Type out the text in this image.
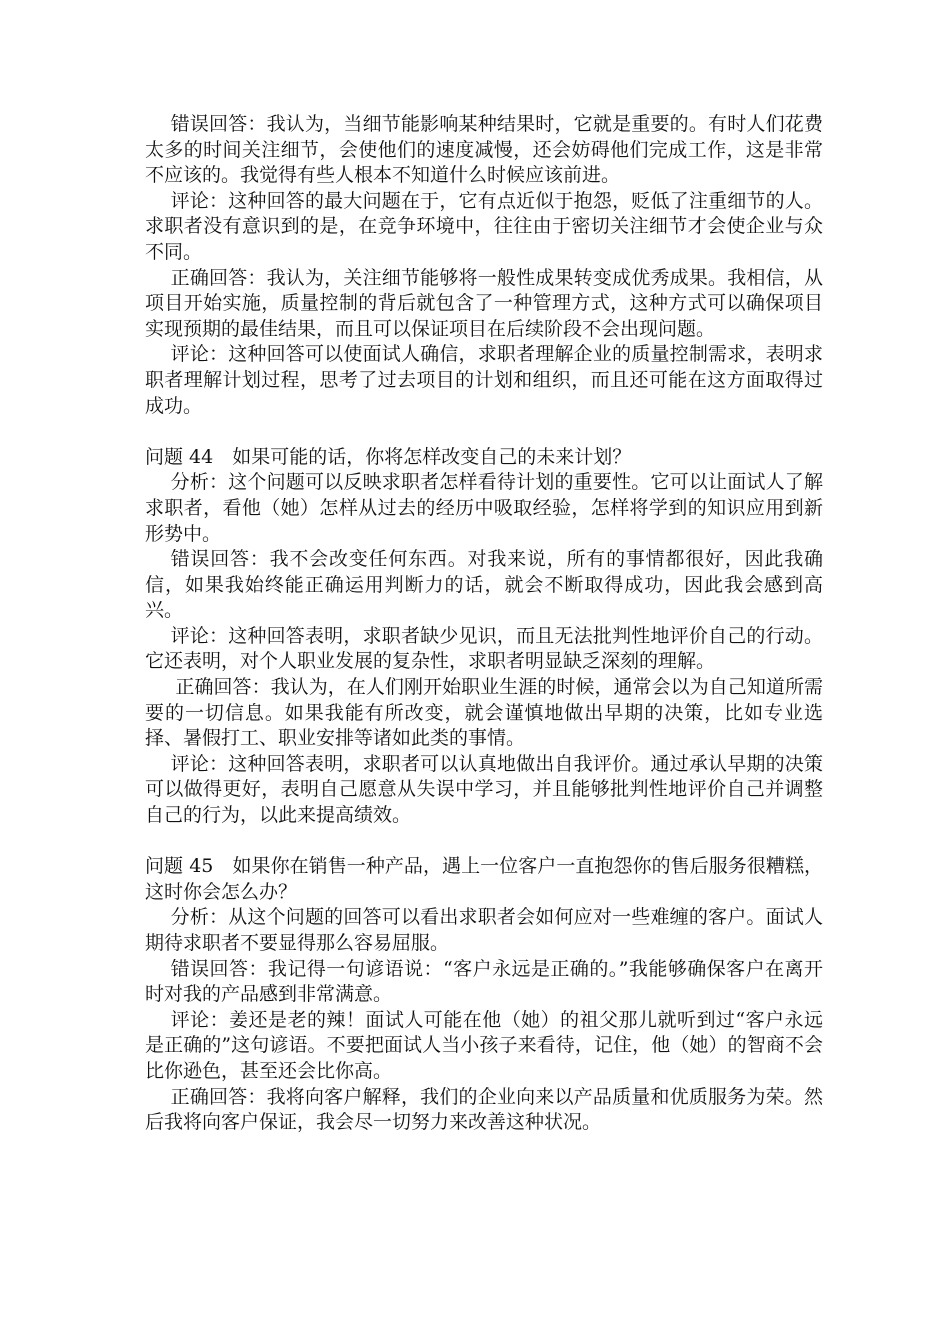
错误回答：我认为，当细节能影响某种结果时，它就是重要的。有时人们花费太多的时间关注细节，会使他们的速度减慢，还会妨碍他们完成工作，这是非常不应该的。我觉得有些人根本不知道什么时候应该前进。

评论：这种回答的最大问题在于，它有点近似于抱怨，贬低了注重细节的人。求职者没有意识到的是，在竞争环境中，往往由于密切关注细节才会使企业与众不同。

正确回答：我认为，关注细节能够将一般性成果转变成优秀成果。我相信，从项目开始实施，质量控制的背后就包含了一种管理方式，这种方式可以确保项目实现预期的最佳结果，而且可以保证项目在后续阶段不会出现问题。

评论：这种回答可以使面试人确信，求职者理解企业的质量控制需求，表明求职者理解计划过程，思考了过去项目的计划和组织，而且还可能在这方面取得过成功。

问题 44　如果可能的话，你将怎样改变自己的未来计划？

分析：这个问题可以反映求职者怎样看待计划的重要性。它可以让面试人了解求职者，看他（她）怎样从过去的经历中吸取经验，怎样将学到的知识应用到新形势中。

错误回答：我不会改变任何东西。对我来说，所有的事情都很好，因此我确信，如果我始终能正确运用判断力的话，就会不断取得成功，因此我会感到高兴。

评论：这种回答表明，求职者缺少见识，而且无法批判性地评价自己的行动。它还表明，对个人职业发展的复杂性，求职者明显缺乏深刻的理解。

正确回答：我认为，在人们刚开始职业生涯的时候，通常会以为自己知道所需要的一切信息。如果我能有所改变，就会谨慎地做出早期的决策，比如专业选择、暑假打工、职业安排等诸如此类的事情。

评论：这种回答表明，求职者可以认真地做出自我评价。通过承认早期的决策可以做得更好，表明自己愿意从失误中学习，并且能够批判性地评价自己并调整自己的行为，以此来提高绩效。

问题 45　如果你在销售一种产品，遇上一位客户一直抱怨你的售后服务很糟糕，这时你会怎么办？

分析：从这个问题的回答可以看出求职者会如何应对一些难缠的客户。面试人期待求职者不要显得那么容易屈服。

错误回答：我记得一句谚语说：“客户永远是正确的。”我能够确保客户在离开时对我的产品感到非常满意。

评论：姜还是老的辣！面试人可能在他（她）的祖父那儿就听到过“客户永远是正确的”这句谚语。不要把面试人当小孩子来看待，记住，他（她）的智商不会比你逊色，甚至还会比你高。

正确回答：我将向客户解释，我们的企业向来以产品质量和优质服务为荣。然后我将向客户保证，我会尽一切努力来改善这种状况。
